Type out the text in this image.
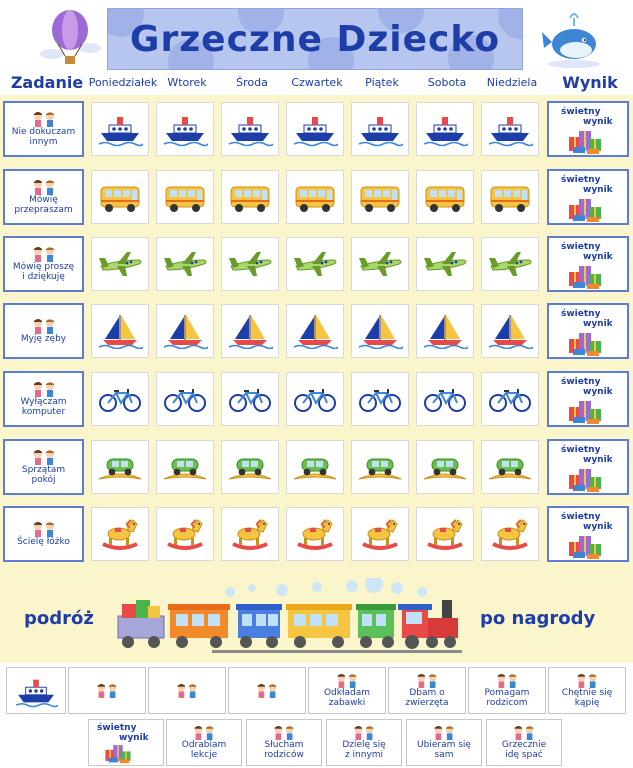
Grzeczne Dziecko
Zadanie Poniedziałek Wtorek	Środa	Czwartek	Piątek	Sobota	Niedziela	Wynik
Nie dokuczam
innym
świetny
wynik
Mówię
przepraszam
świetny
wynik
Mówię proszę
i dziękuję
świetny
wynik
Myję zęby
świetny
wynik
Wyłączam
komputer
świetny
wynik
Sprzątam
pokój
świetny
wynik
Ścielę łóżko
świetny
wynik
podróż	po nagrody
Odkładam
zabawki
Dbam o
zwierzęta
Pomagam
rodzicom
Chętnie się
kąpię
świetny
wynik
Odrabiam
lekcje
Słucham
rodziców
Dzielę się
z innymi
Ubieram się
sam
Grzecznie
idę spać
